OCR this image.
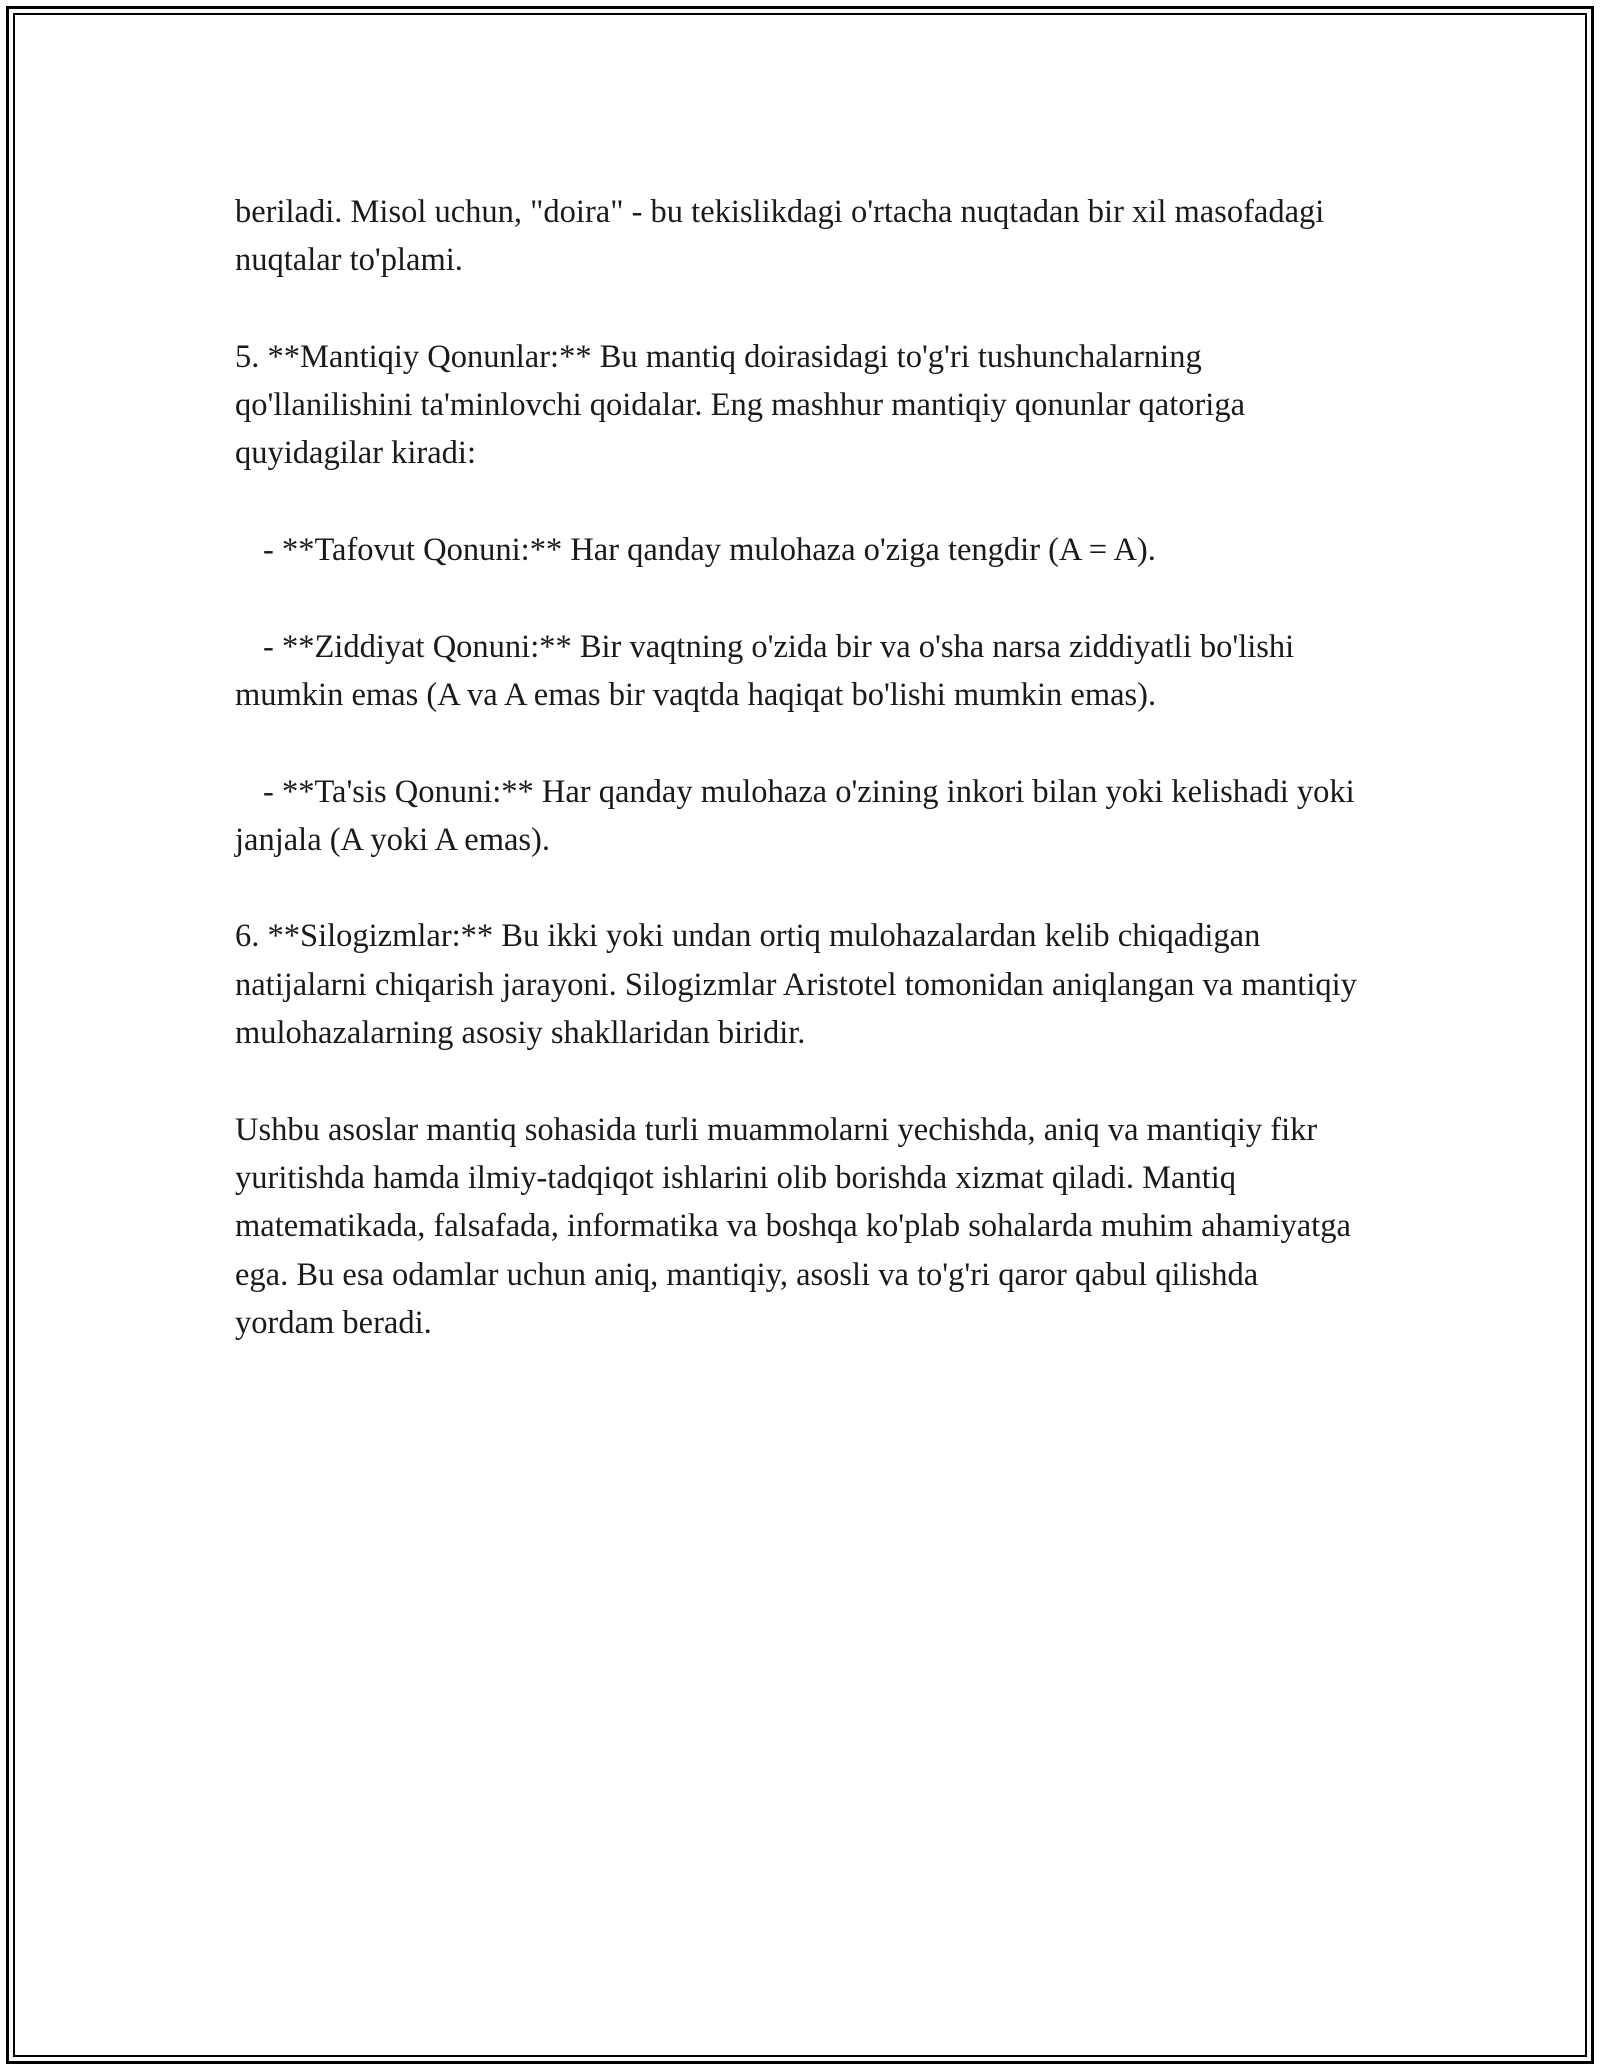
beriladi. Misol uchun, "doira" - bu tekislikdagi o'rtacha nuqtadan bir xil masofadagi nuqtalar to'plami.

5. **Mantiqiy Qonunlar:** Bu mantiq doirasidagi to'g'ri tushunchalarning qo'llanilishini ta'minlovchi qoidalar. Eng mashhur mantiqiy qonunlar qatoriga quyidagilar kiradi:

- **Tafovut Qonuni:** Har qanday mulohaza o'ziga tengdir (A = A).

- **Ziddiyat Qonuni:** Bir vaqtning o'zida bir va o'sha narsa ziddiyatli bo'lishi mumkin emas (A va A emas bir vaqtda haqiqat bo'lishi mumkin emas).

- **Ta'sis Qonuni:** Har qanday mulohaza o'zining inkori bilan yoki kelishadi yoki janjala (A yoki A emas).

6. **Silogizmlar:** Bu ikki yoki undan ortiq mulohazalardan kelib chiqadigan natijalarni chiqarish jarayoni. Silogizmlar Aristotel tomonidan aniqlangan va mantiqiy mulohazalarning asosiy shakllaridan biridir.

Ushbu asoslar mantiq sohasida turli muammolarni yechishda, aniq va mantiqiy fikr yuritishda hamda ilmiy-tadqiqot ishlarini olib borishda xizmat qiladi. Mantiq matematikada, falsafada, informatika va boshqa ko'plab sohalarda muhim ahamiyatga ega. Bu esa odamlar uchun aniq, mantiqiy, asosli va to'g'ri qaror qabul qilishda yordam beradi.
